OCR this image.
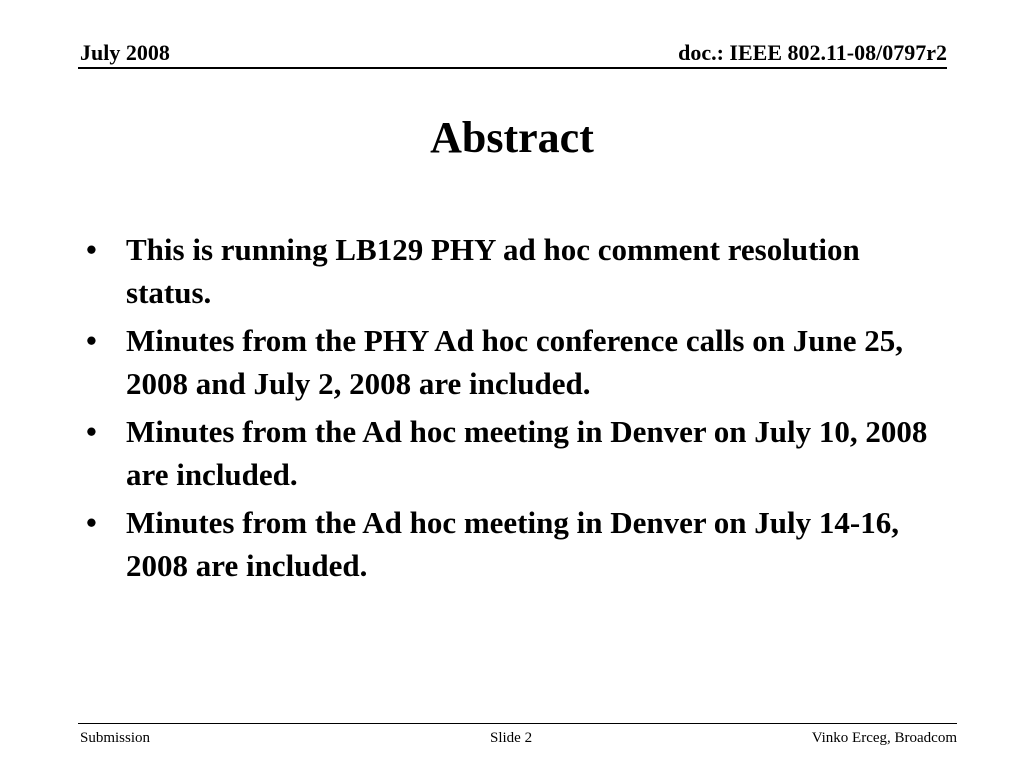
July 2008	doc.: IEEE 802.11-08/0797r2
Abstract
• This is running LB129 PHY ad hoc comment resolution status.
• Minutes from the PHY Ad hoc conference calls on June 25, 2008 and July 2, 2008 are included.
• Minutes from the Ad hoc meeting in Denver on July 10, 2008 are included.
• Minutes from the Ad hoc meeting in Denver on July 14-16, 2008 are included.
Submission	Slide 2	Vinko Erceg, Broadcom
